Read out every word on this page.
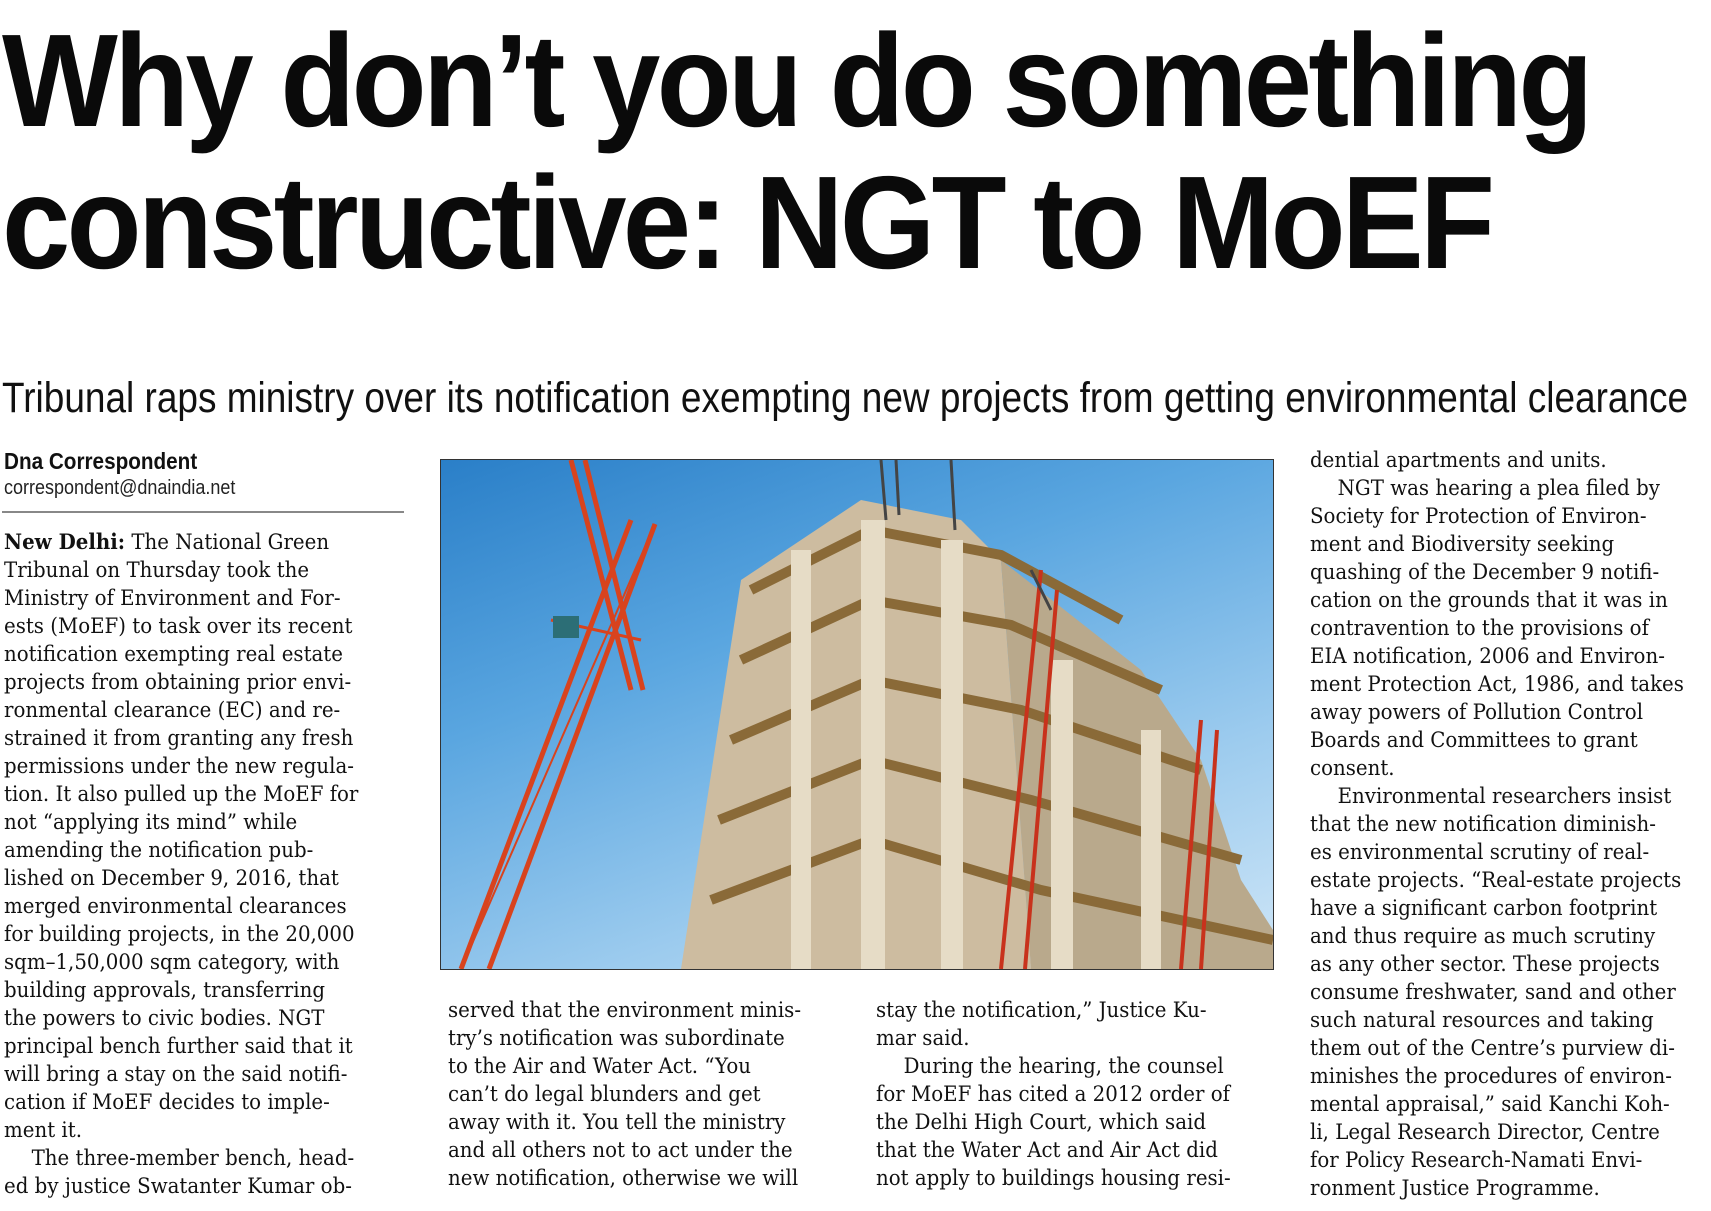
Why don’t you do something
constructive: NGT to MoEF

Tribunal raps ministry over its notification exempting new projects from getting environmental clearance

Dna Correspondent
correspondent@dnaindia.net
New Delhi: The National Green
Tribunal on Thursday took the
Ministry of Environment and For-
ests (MoEF) to task over its recent
notification exempting real estate
projects from obtaining prior envi-
ronmental clearance (EC) and re-
strained it from granting any fresh
permissions under the new regula-
tion. It also pulled up the MoEF for
not “applying its mind” while
amending the notification pub-
lished on December 9, 2016, that
merged environmental clearances
for building projects, in the 20,000
sqm–1,50,000 sqm category, with
building approvals, transferring
the powers to civic bodies. NGT
principal bench further said that it
will bring a stay on the said notifi-
cation if MoEF decides to imple-
ment it.
The three-member bench, head-
ed by justice Swatanter Kumar ob-
served that the environment minis-
try’s notification was subordinate
to the Air and Water Act. “You
can’t do legal blunders and get
away with it. You tell the ministry
and all others not to act under the
new notification, otherwise we will
stay the notification,” Justice Ku-
mar said.
During the hearing, the counsel
for MoEF has cited a 2012 order of
the Delhi High Court, which said
that the Water Act and Air Act did
not apply to buildings housing resi-
dential apartments and units.
NGT was hearing a plea filed by
Society for Protection of Environ-
ment and Biodiversity seeking
quashing of the December 9 notifi-
cation on the grounds that it was in
contravention to the provisions of
EIA notification, 2006 and Environ-
ment Protection Act, 1986, and takes
away powers of Pollution Control
Boards and Committees to grant
consent.
Environmental researchers insist
that the new notification diminish-
es environmental scrutiny of real-
estate projects. “Real-estate projects
have a significant carbon footprint
and thus require as much scrutiny
as any other sector. These projects
consume freshwater, sand and other
such natural resources and taking
them out of the Centre’s purview di-
minishes the procedures of environ-
mental appraisal,” said Kanchi Koh-
li, Legal Research Director, Centre
for Policy Research-Namati Envi-
ronment Justice Programme.
